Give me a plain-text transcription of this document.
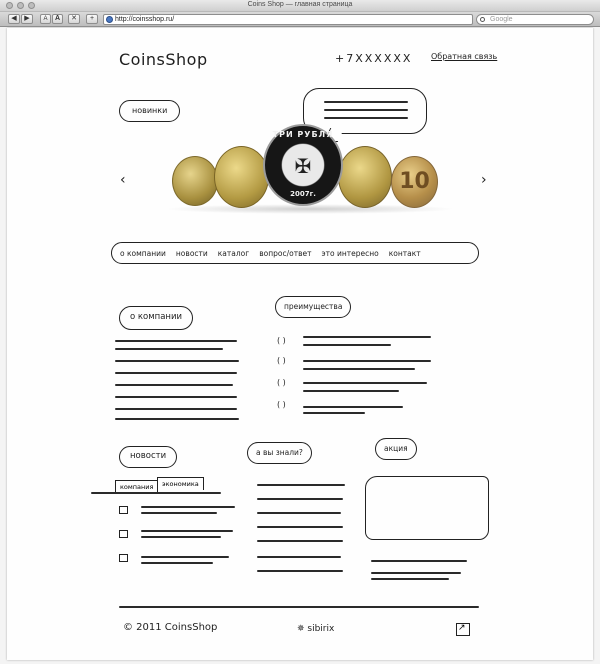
Coins Shop — главная страница
◀	▶	A	A	✕	+	http://coinsshop.ru/	Google
CoinsShop	+7XXXXXX Обратная связь
новинки
‹	›
10
ТРИ РУБЛЯ
✠
2007г.
о компании новости каталог вопрос/ответ это интересно контакт
о компании
преимущества
( )
( )
( )
( )
новости
компания	экономика
а вы знали?	акция
© 2011 CoinsShop	✵ sibirix	↗
